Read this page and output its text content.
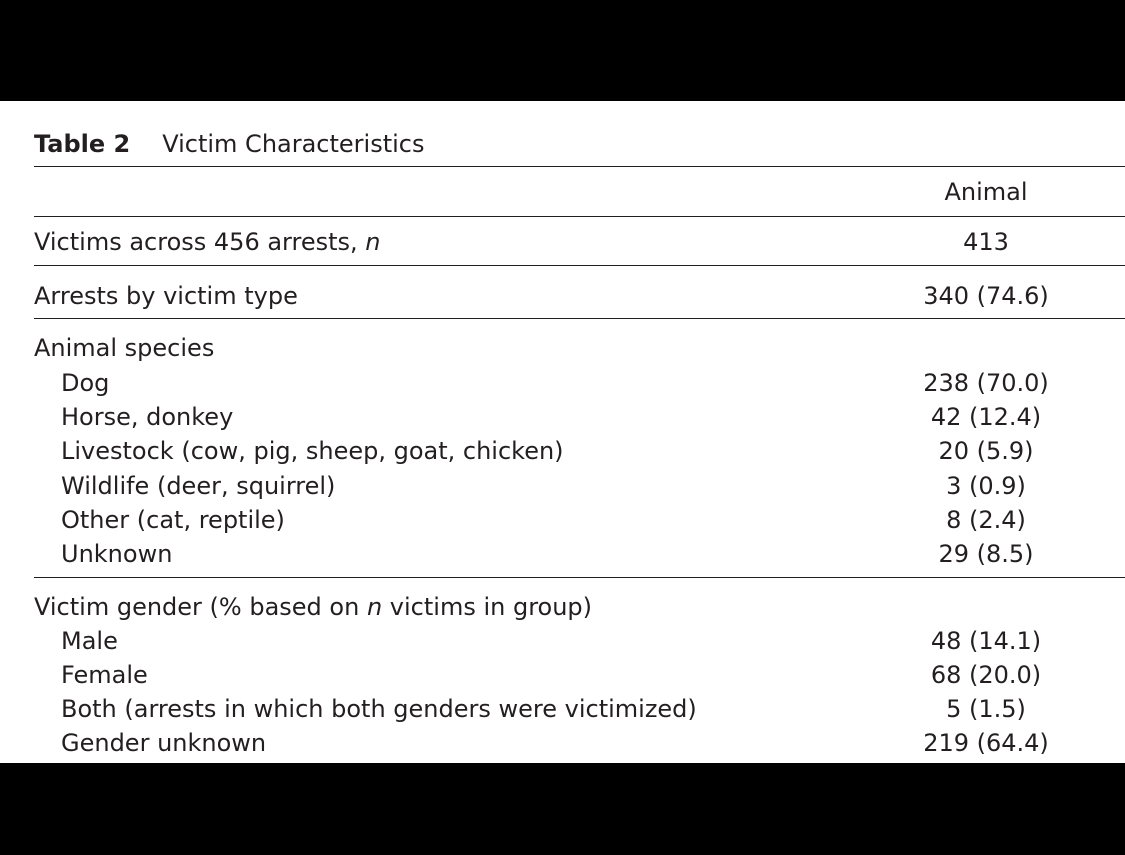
Table 2 Victim Characteristics
Animal
Victims across 456 arrests, n	413
Arrests by victim type	340 (74.6)
Animal species
Dog	238 (70.0)
Horse, donkey	42 (12.4)
Livestock (cow, pig, sheep, goat, chicken)	20 (5.9)
Wildlife (deer, squirrel)	3 (0.9)
Other (cat, reptile)	8 (2.4)
Unknown	29 (8.5)
Victim gender (% based on n victims in group)
Male	48 (14.1)
Female	68 (20.0)
Both (arrests in which both genders were victimized)	5 (1.5)
Gender unknown	219 (64.4)
